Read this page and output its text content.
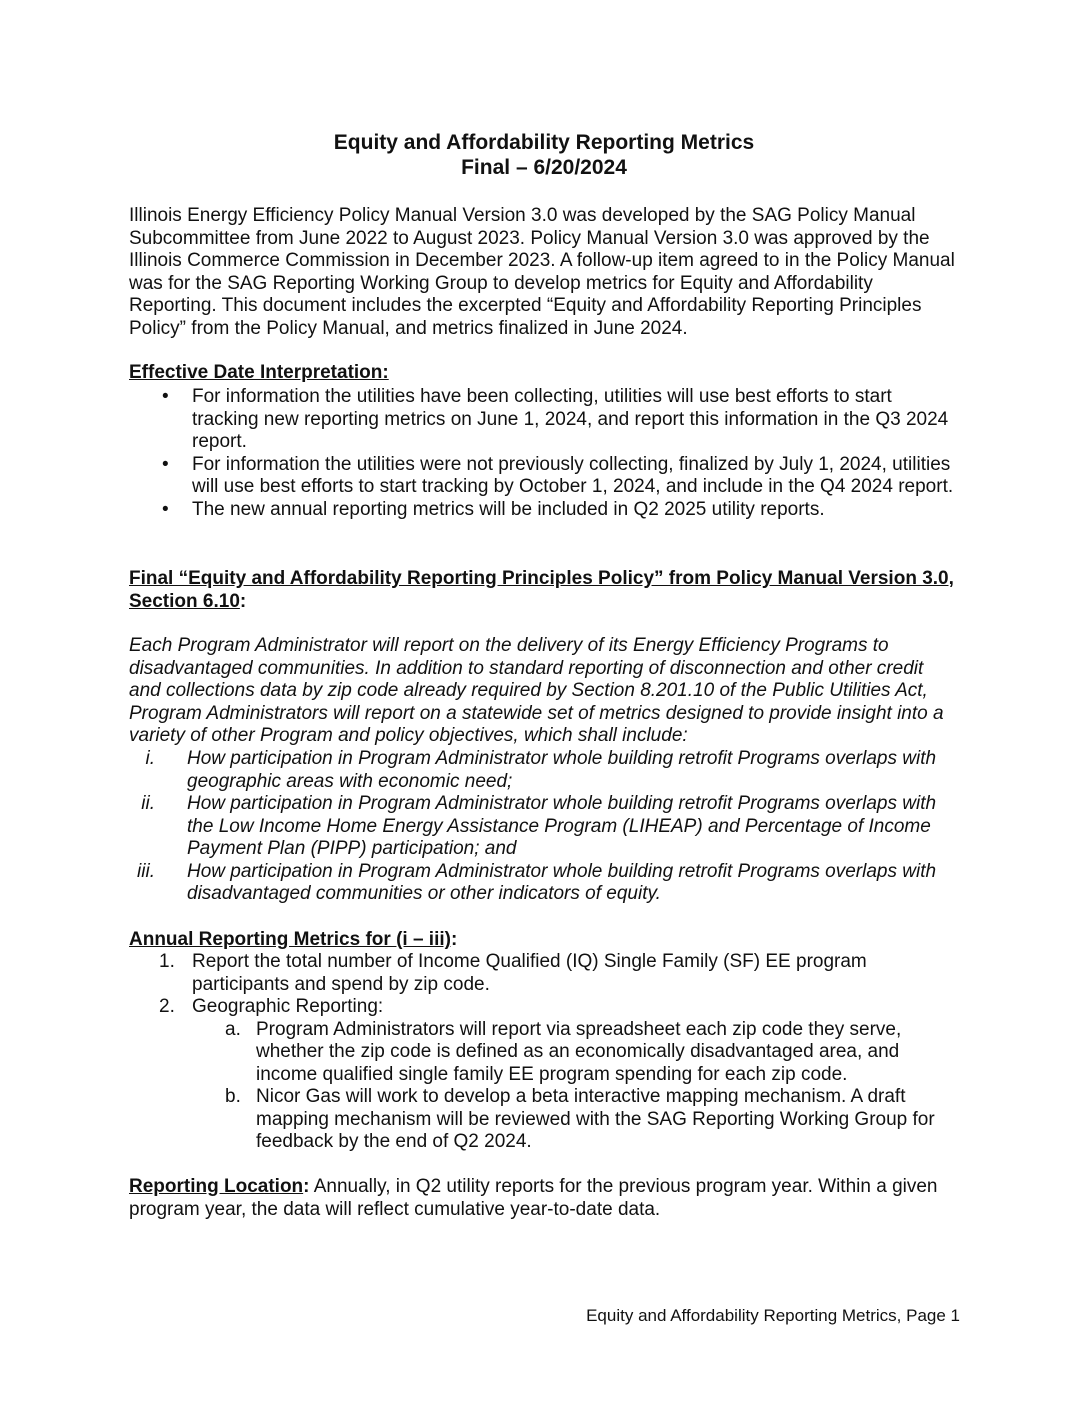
Equity and Affordability Reporting Metrics
Final – 6/20/2024
Illinois Energy Efficiency Policy Manual Version 3.0 was developed by the SAG Policy Manual Subcommittee from June 2022 to August 2023. Policy Manual Version 3.0 was approved by the Illinois Commerce Commission in December 2023. A follow-up item agreed to in the Policy Manual was for the SAG Reporting Working Group to develop metrics for Equity and Affordability Reporting. This document includes the excerpted “Equity and Affordability Reporting Principles Policy” from the Policy Manual, and metrics finalized in June 2024.
Effective Date Interpretation:
• For information the utilities have been collecting, utilities will use best efforts to start tracking new reporting metrics on June 1, 2024, and report this information in the Q3 2024 report.
• For information the utilities were not previously collecting, finalized by July 1, 2024, utilities will use best efforts to start tracking by October 1, 2024, and include in the Q4 2024 report.
• The new annual reporting metrics will be included in Q2 2025 utility reports.
Final “Equity and Affordability Reporting Principles Policy” from Policy Manual Version 3.0, Section 6.10:
Each Program Administrator will report on the delivery of its Energy Efficiency Programs to disadvantaged communities. In addition to standard reporting of disconnection and other credit and collections data by zip code already required by Section 8.201.10 of the Public Utilities Act, Program Administrators will report on a statewide set of metrics designed to provide insight into a variety of other Program and policy objectives, which shall include:
i. How participation in Program Administrator whole building retrofit Programs overlaps with geographic areas with economic need;
ii. How participation in Program Administrator whole building retrofit Programs overlaps with the Low Income Home Energy Assistance Program (LIHEAP) and Percentage of Income Payment Plan (PIPP) participation; and
iii. How participation in Program Administrator whole building retrofit Programs overlaps with disadvantaged communities or other indicators of equity.
Annual Reporting Metrics for (i – iii):
1. Report the total number of Income Qualified (IQ) Single Family (SF) EE program participants and spend by zip code.
2. Geographic Reporting:
a. Program Administrators will report via spreadsheet each zip code they serve, whether the zip code is defined as an economically disadvantaged area, and income qualified single family EE program spending for each zip code.
b. Nicor Gas will work to develop a beta interactive mapping mechanism. A draft mapping mechanism will be reviewed with the SAG Reporting Working Group for feedback by the end of Q2 2024.
Reporting Location: Annually, in Q2 utility reports for the previous program year. Within a given program year, the data will reflect cumulative year-to-date data.
Equity and Affordability Reporting Metrics, Page 1
